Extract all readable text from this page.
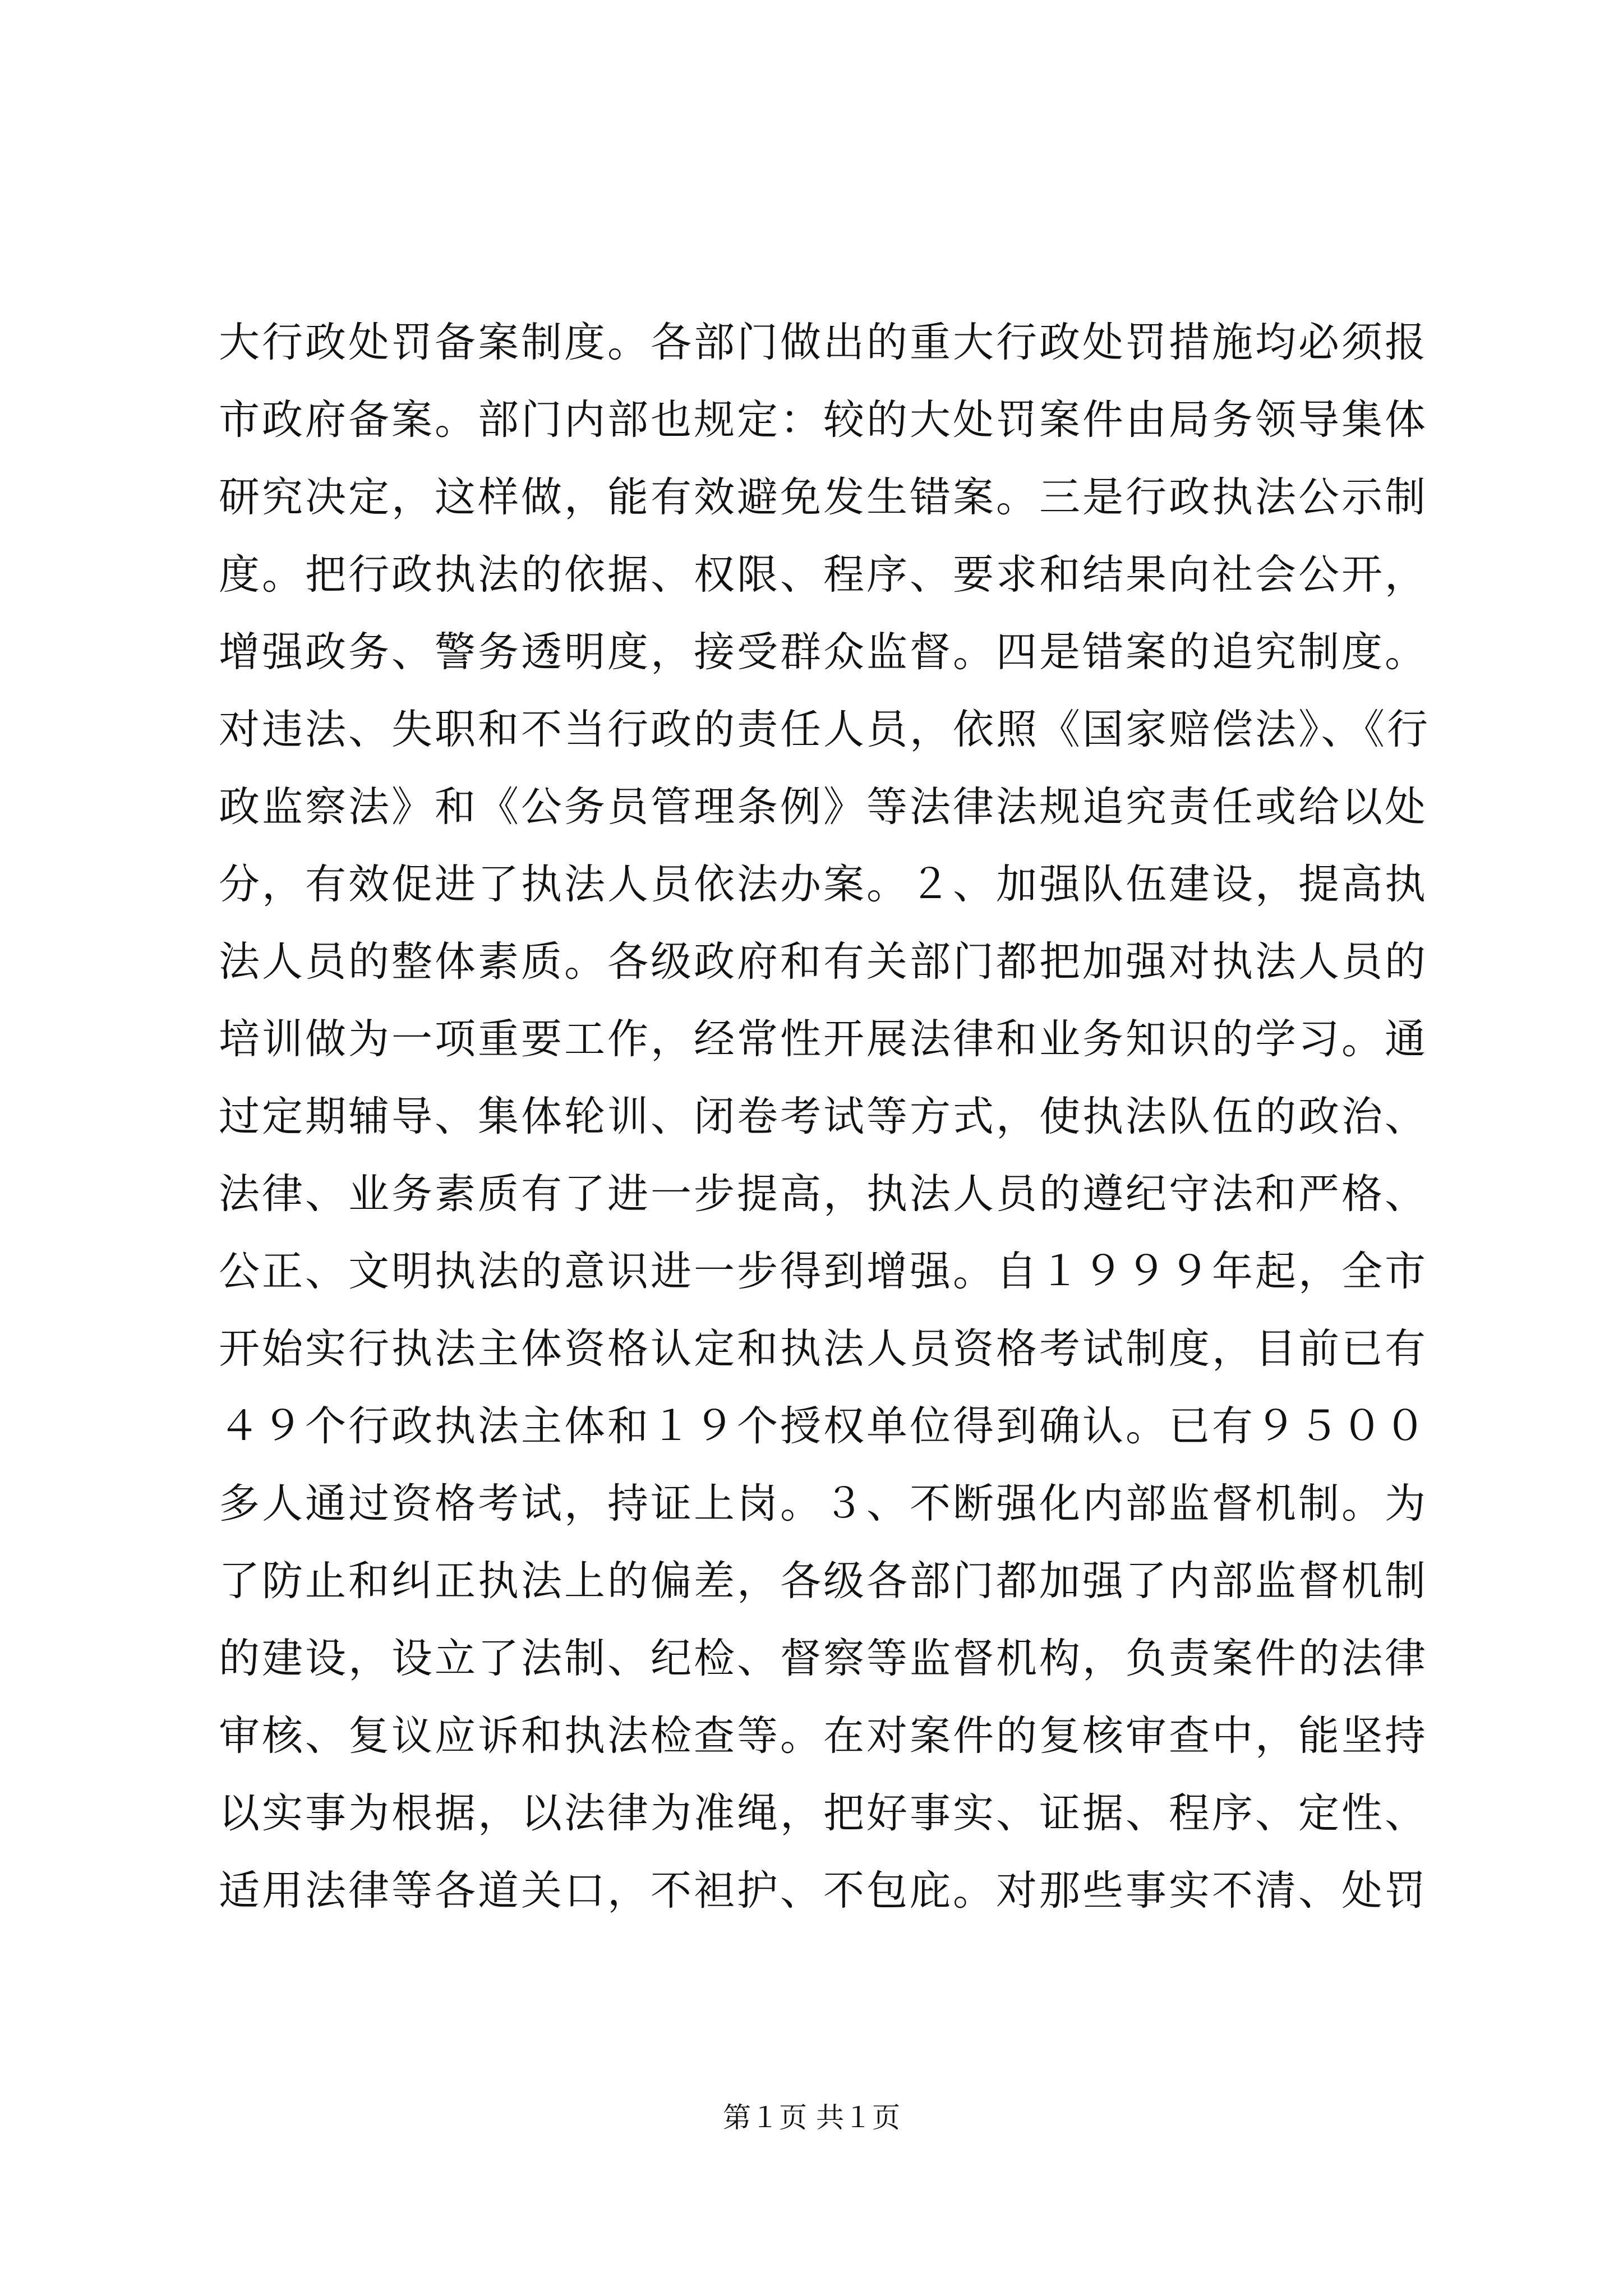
大行政处罚备案制度。各部门做出的重大行政处罚措施均必须报
市政府备案。部门内部也规定：较的大处罚案件由局务领导集体
研究决定，这样做，能有效避免发生错案。三是行政执法公示制
度。把行政执法的依据、权限、程序、要求和结果向社会公开，
增强政务、警务透明度，接受群众监督。四是错案的追究制度。
对违法、失职和不当行政的责任人员，依照《国家赔偿法》、《行
政监察法》和《公务员管理条例》等法律法规追究责任或给以处
分，有效促进了执法人员依法办案。２、加强队伍建设，提高执
法人员的整体素质。各级政府和有关部门都把加强对执法人员的
培训做为一项重要工作，经常性开展法律和业务知识的学习。通
过定期辅导、集体轮训、闭卷考试等方式，使执法队伍的政治、
法律、业务素质有了进一步提高，执法人员的遵纪守法和严格、
公正、文明执法的意识进一步得到增强。自１９９９年起，全市
开始实行执法主体资格认定和执法人员资格考试制度，目前已有
４９个行政执法主体和１９个授权单位得到确认。已有９５００
多人通过资格考试，持证上岗。３、不断强化内部监督机制。为
了防止和纠正执法上的偏差，各级各部门都加强了内部监督机制
的建设，设立了法制、纪检、督察等监督机构，负责案件的法律
审核、复议应诉和执法检查等。在对案件的复核审查中，能坚持
以实事为根据，以法律为准绳，把好事实、证据、程序、定性、
适用法律等各道关口，不袒护、不包庇。对那些事实不清、处罚
第１页 共１页
